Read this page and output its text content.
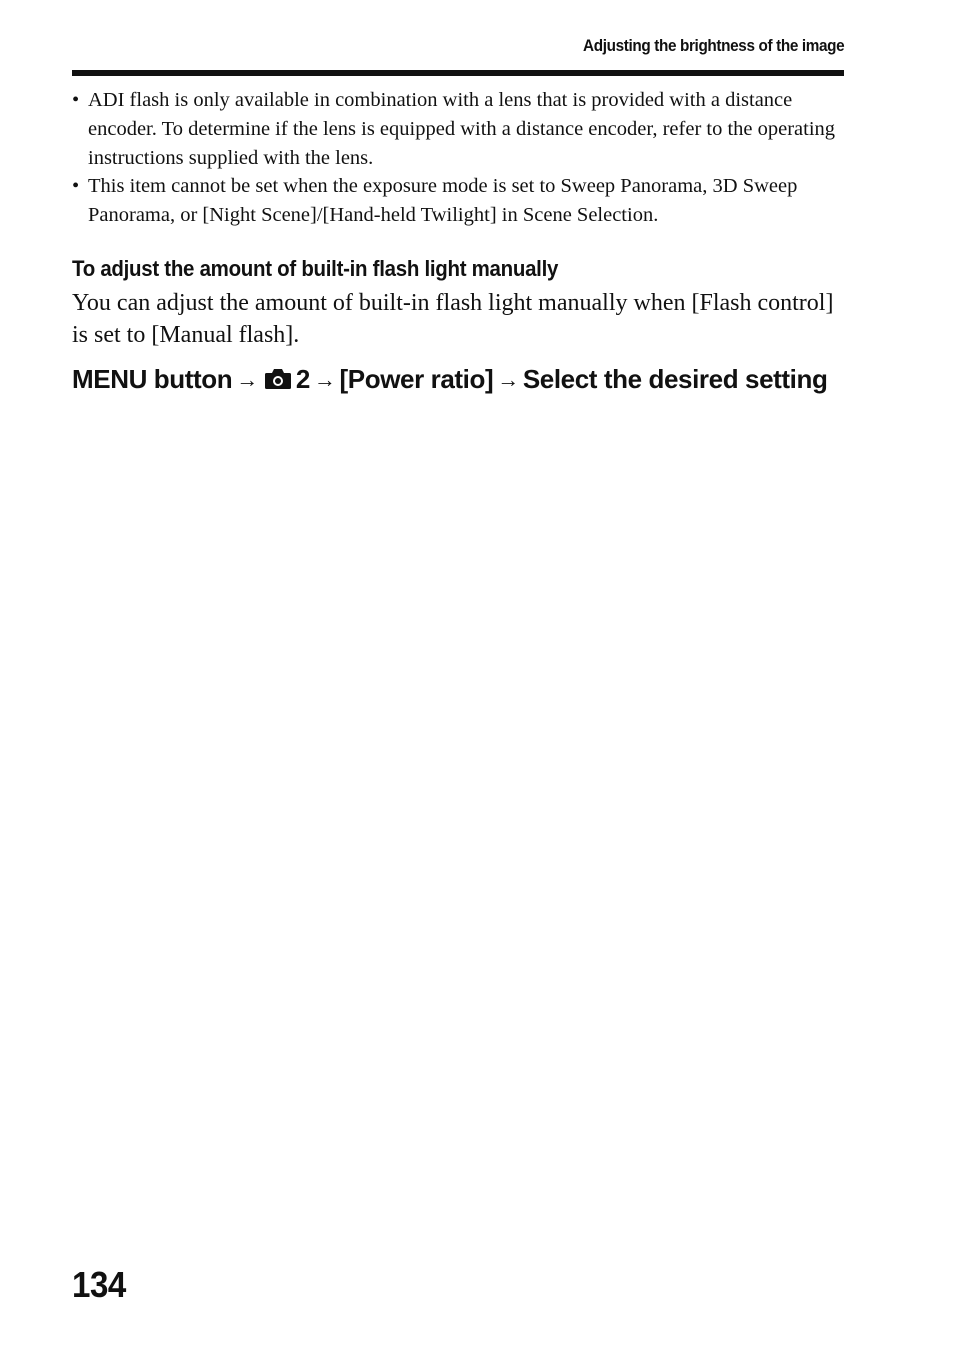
Adjusting the brightness of the image
• ADI flash is only available in combination with a lens that is provided with a distance encoder. To determine if the lens is equipped with a distance encoder, refer to the operating instructions supplied with the lens.
• This item cannot be set when the exposure mode is set to Sweep Panorama, 3D Sweep Panorama, or [Night Scene]/[Hand-held Twilight] in Scene Selection.
To adjust the amount of built-in flash light manually

You can adjust the amount of built-in flash light manually when [Flash control] is set to [Manual flash].

MENU button → 2 → [Power ratio] → Select the desired setting

134
